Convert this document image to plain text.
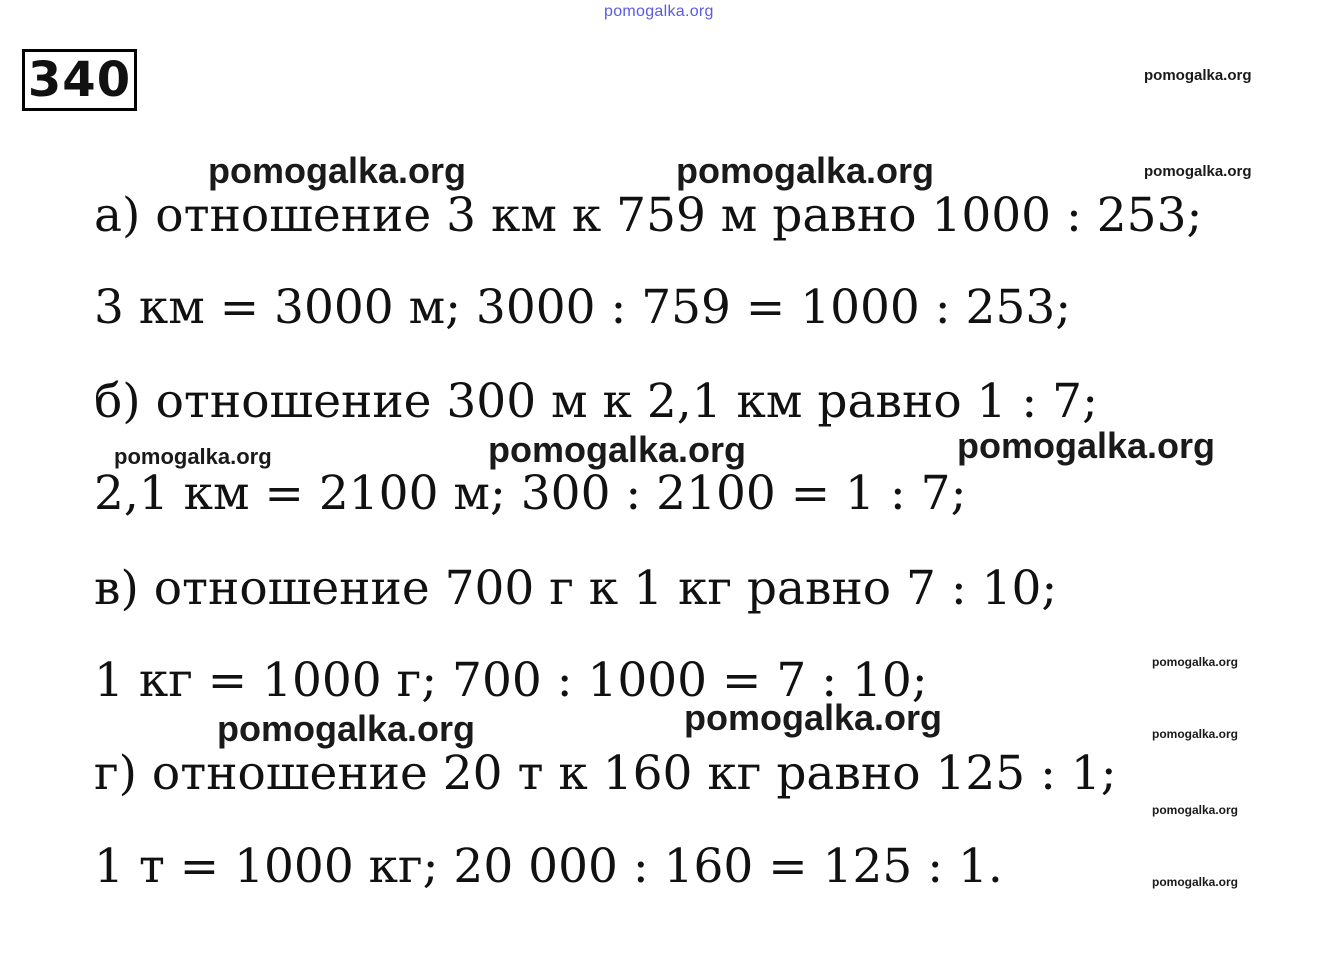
pomogalka.org
340	pomogalka.org
pomogalka.org
pomogalka.org	pomogalka.org
а) отношение 3 км к 759 м равно 1000 : 253;
3 км = 3000 м; 3000 : 759 = 1000 : 253;
б) отношение 300 м к 2,1 км равно 1 : 7;
pomogalka.org	pomogalka.org	pomogalka.org
2,1 км = 2100 м; 300 : 2100 = 1 : 7;
в) отношение 700 г к 1 кг равно 7 : 10;
pomogalka.org
1 кг = 1000 г; 700 : 1000 = 7 : 10;
pomogalka.org
pomogalka.org	pomogalka.org
г) отношение 20 т к 160 кг равно 125 : 1;
pomogalka.org
1 т = 1000 кг; 20 000 : 160 = 125 : 1.	pomogalka.org
